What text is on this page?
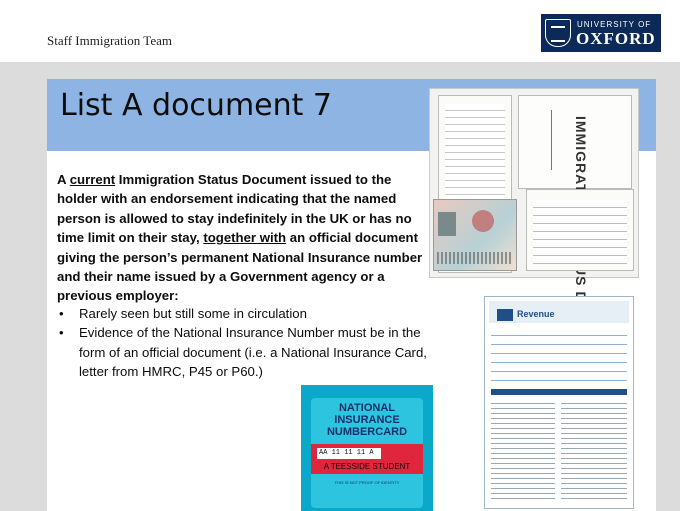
Staff Immigration Team
UNIVERSITY OF
OXFORD
List A document 7
A current Immigration Status Document issued to the holder with an endorsement indicating that the named person is allowed to stay indefinitely in the UK or has no time limit on their stay, together with an official document giving the person’s permanent National Insurance number and their name issued by a Government agency or a previous employer:
• Rarely seen but still some in circulation
• Evidence of the National Insurance Number must be in the form of an official document (i.e. a National Insurance Card, letter from HMRC, P45 or P60.)
Revenue
NATIONAL
INSURANCE
NUMBERCARD
AA 11 11 11 A
A TEESSIDE STUDENT
THIS IS NOT PROOF OF IDENTITY
